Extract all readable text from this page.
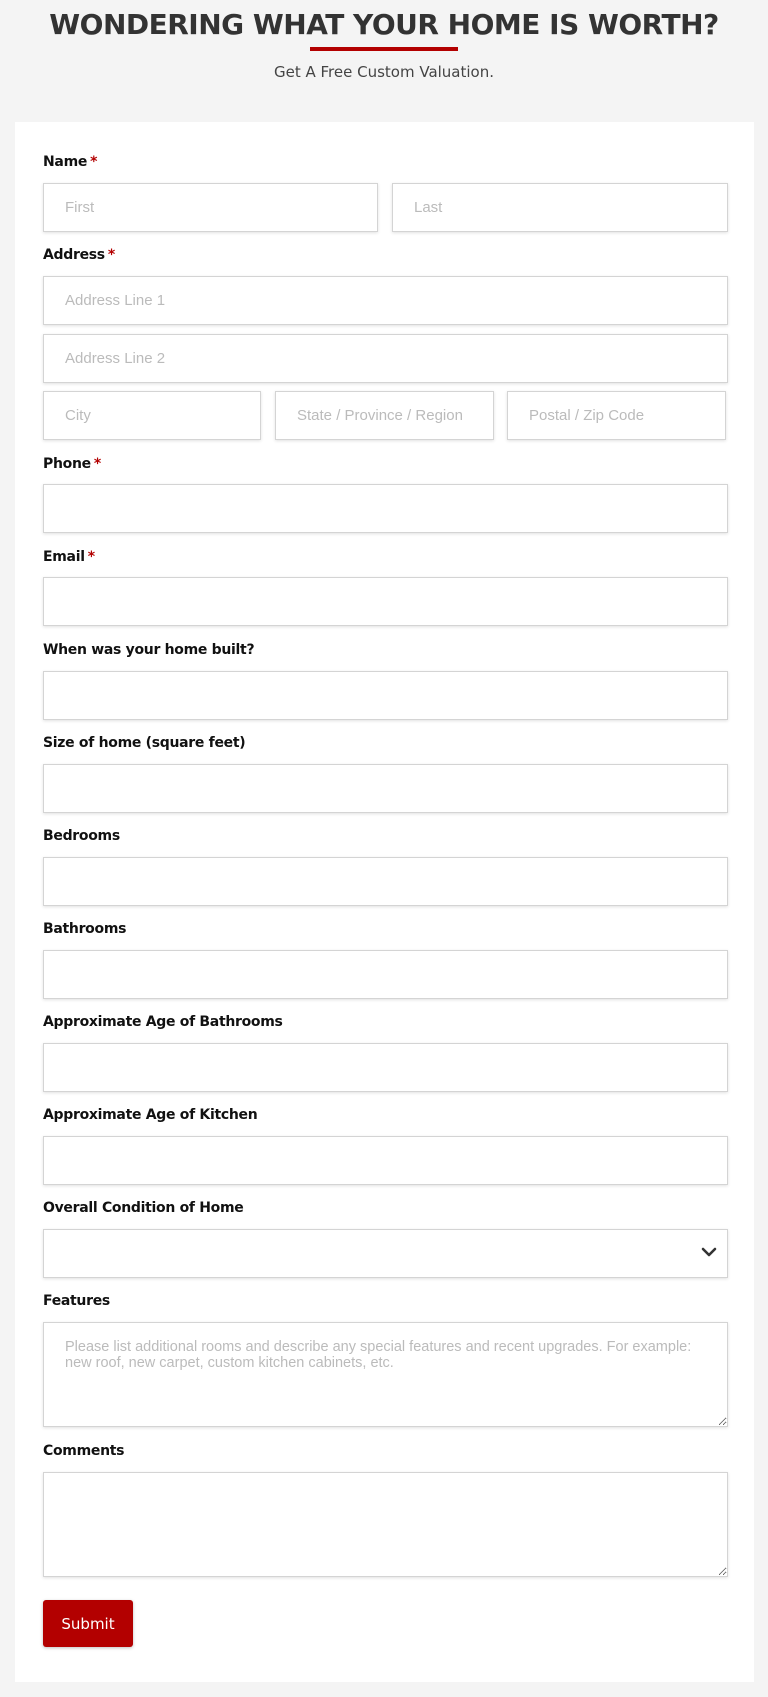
WONDERING WHAT YOUR HOME IS WORTH?
Get A Free Custom Valuation.
Name *
First
Last
Address *
Address Line 1
Address Line 2
City
State / Province / Region
Postal / Zip Code
Phone *
Email *
When was your home built?
Size of home (square feet)
Bedrooms
Bathrooms
Approximate Age of Bathrooms
Approximate Age of Kitchen
Overall Condition of Home
Features
Please list additional rooms and describe any special features and recent upgrades. For example: new roof, new carpet, custom kitchen cabinets, etc.
Comments
Submit
